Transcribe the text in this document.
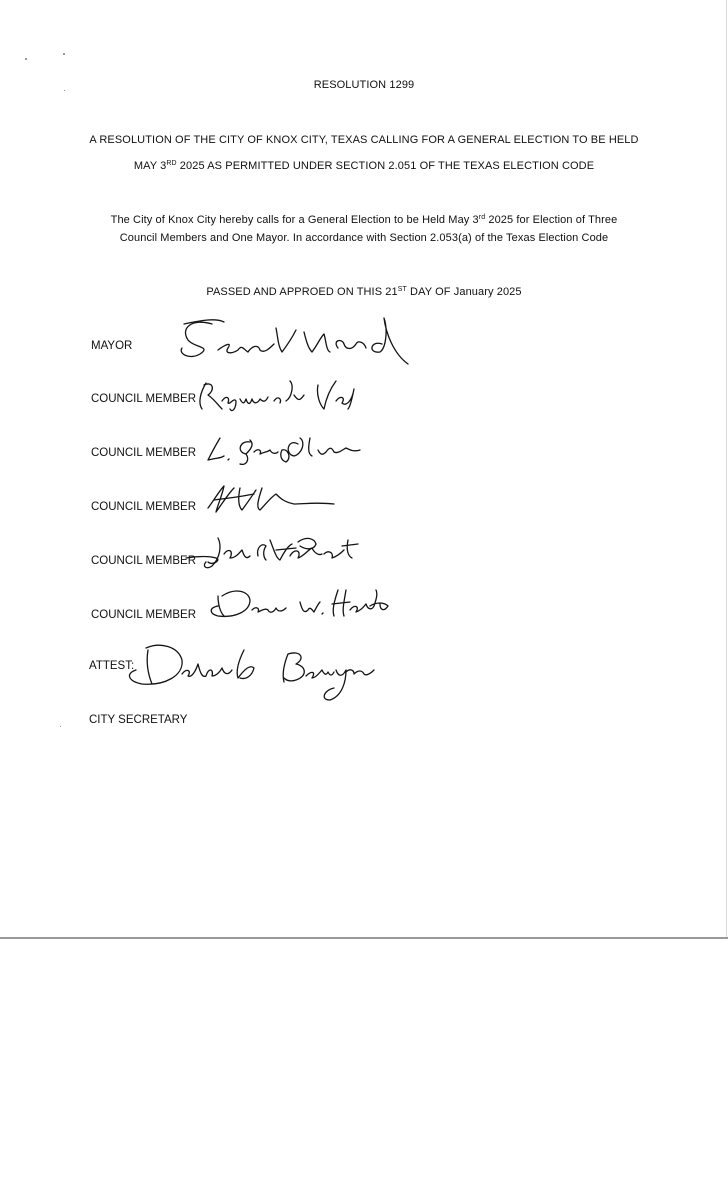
RESOLUTION 1299
A RESOLUTION OF THE CITY OF KNOX CITY, TEXAS CALLING FOR A GENERAL ELECTION TO BE HELD
MAY 3RD 2025 AS PERMITTED UNDER SECTION 2.051 OF THE TEXAS ELECTION CODE
The City of Knox City hereby calls for a General Election to be Held May 3rd 2025 for Election of Three
Council Members and One Mayor. In accordance with Section 2.053(a) of the Texas Election Code
PASSED AND APPROED ON THIS 21ST DAY OF January 2025
MAYOR
COUNCIL MEMBER
COUNCIL MEMBER
COUNCIL MEMBER
COUNCIL MEMBER
COUNCIL MEMBER
ATTEST:
CITY SECRETARY
